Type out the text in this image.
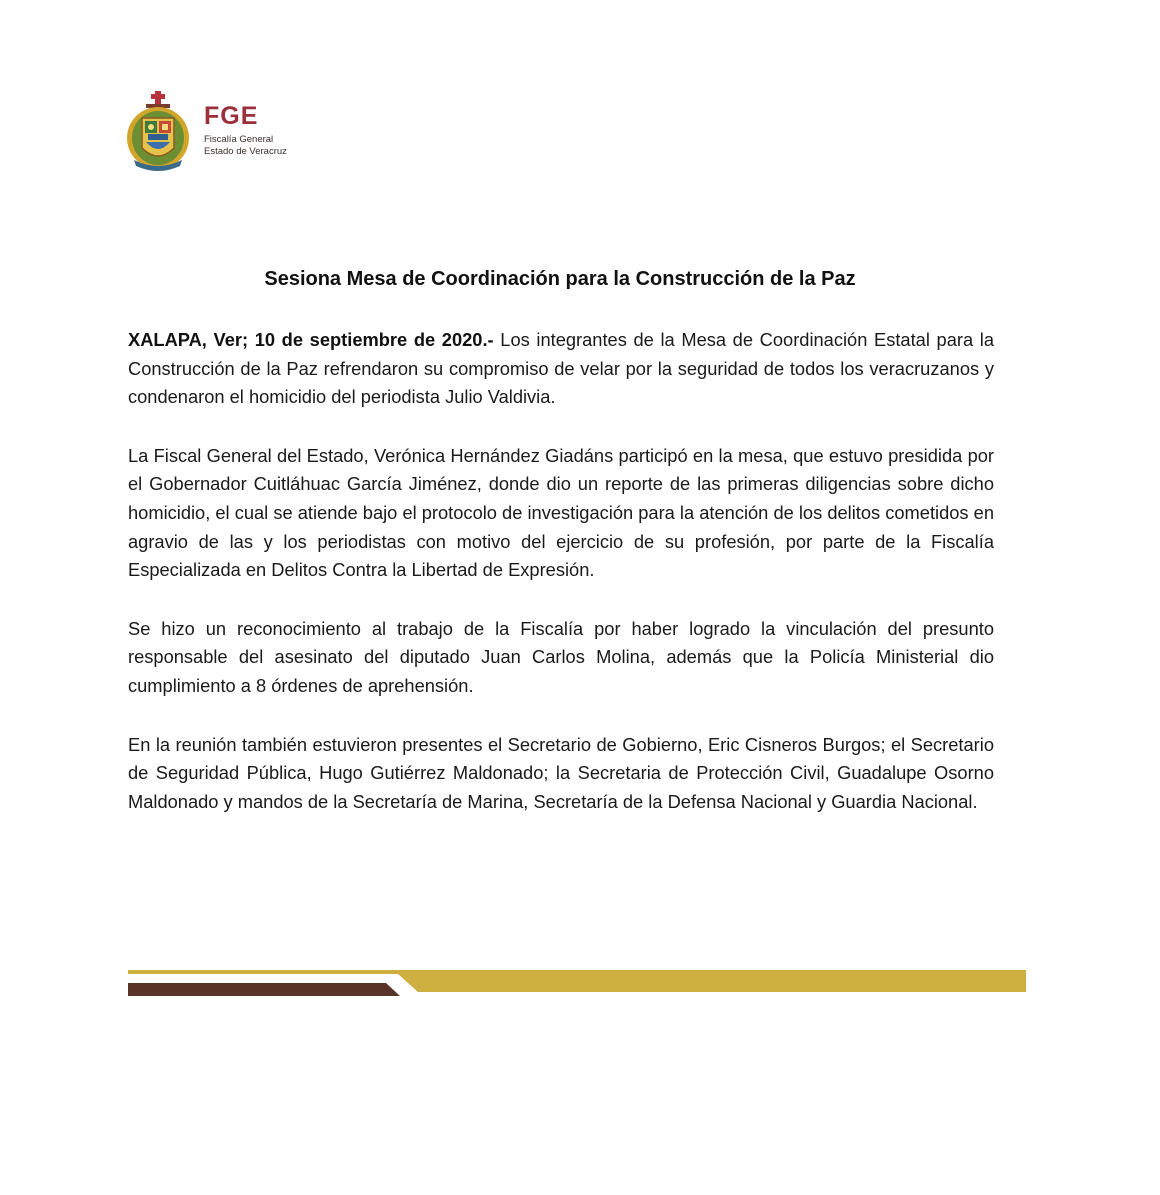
FGE
Fiscalía General
Estado de Veracruz
Sesiona Mesa de Coordinación para la Construcción de la Paz

XALAPA, Ver; 10 de septiembre de 2020.- Los integrantes de la Mesa de Coordinación Estatal para la Construcción de la Paz refrendaron su compromiso de velar por la seguridad de todos los veracruzanos y condenaron el homicidio del periodista Julio Valdivia.

La Fiscal General del Estado, Verónica Hernández Giadáns participó en la mesa, que estuvo presidida por el Gobernador Cuitláhuac García Jiménez, donde dio un reporte de las primeras diligencias sobre dicho homicidio, el cual se atiende bajo el protocolo de investigación para la atención de los delitos cometidos en agravio de las y los periodistas con motivo del ejercicio de su profesión, por parte de la Fiscalía Especializada en Delitos Contra la Libertad de Expresión.

Se hizo un reconocimiento al trabajo de la Fiscalía por haber logrado la vinculación del presunto responsable del asesinato del diputado Juan Carlos Molina, además que la Policía Ministerial dio cumplimiento a 8 órdenes de aprehensión.

En la reunión también estuvieron presentes el Secretario de Gobierno, Eric Cisneros Burgos; el Secretario de Seguridad Pública, Hugo Gutiérrez Maldonado; la Secretaria de Protección Civil, Guadalupe Osorno Maldonado y mandos de la Secretaría de Marina, Secretaría de la Defensa Nacional y Guardia Nacional.
